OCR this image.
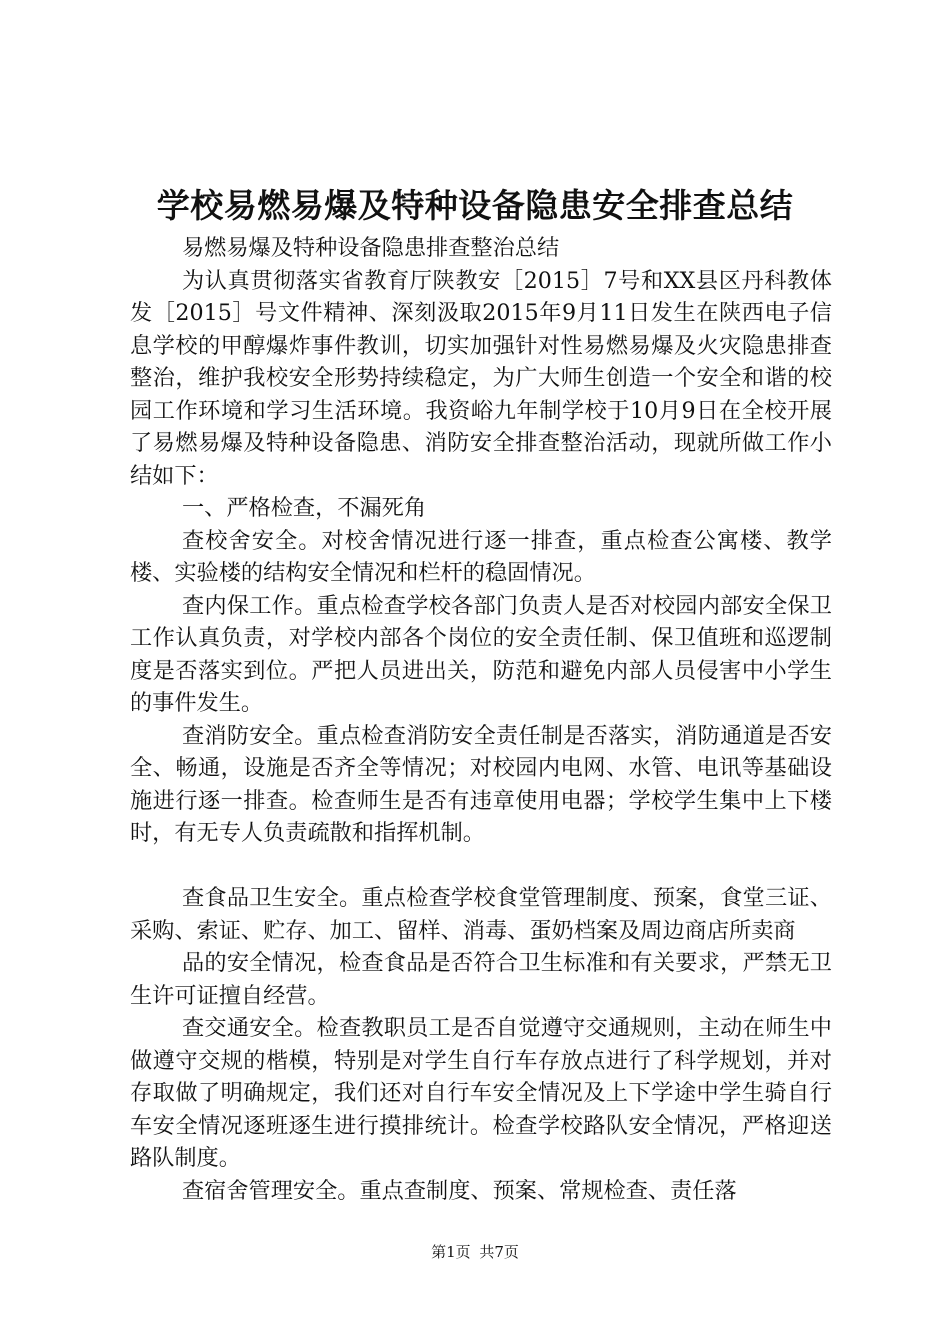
学校易燃易爆及特种设备隐患安全排查总结

易燃易爆及特种设备隐患排查整治总结

为认真贯彻落实省教育厅陕教安［2015］7号和XX县区丹科教体发［2015］号文件精神、深刻汲取2015年9月11日发生在陕西电子信息学校的甲醇爆炸事件教训，切实加强针对性易燃易爆及火灾隐患排查整治，维护我校安全形势持续稳定，为广大师生创造一个安全和谐的校园工作环境和学习生活环境。我资峪九年制学校于10月9日在全校开展了易燃易爆及特种设备隐患、消防安全排查整治活动，现就所做工作小结如下：

一、严格检查，不漏死角

查校舍安全。对校舍情况进行逐一排查，重点检查公寓楼、教学楼、实验楼的结构安全情况和栏杆的稳固情况。

查内保工作。重点检查学校各部门负责人是否对校园内部安全保卫工作认真负责，对学校内部各个岗位的安全责任制、保卫值班和巡逻制度是否落实到位。严把人员进出关，防范和避免内部人员侵害中小学生的事件发生。

查消防安全。重点检查消防安全责任制是否落实，消防通道是否安全、畅通，设施是否齐全等情况；对校园内电网、水管、电讯等基础设施进行逐一排查。检查师生是否有违章使用电器；学校学生集中上下楼时，有无专人负责疏散和指挥机制。

查食品卫生安全。重点检查学校食堂管理制度、预案，食堂三证、采购、索证、贮存、加工、留样、消毒、蛋奶档案及周边商店所卖商

品的安全情况，检查食品是否符合卫生标准和有关要求，严禁无卫生许可证擅自经营。

查交通安全。检查教职员工是否自觉遵守交通规则，主动在师生中做遵守交规的楷模，特别是对学生自行车存放点进行了科学规划，并对存取做了明确规定，我们还对自行车安全情况及上下学途中学生骑自行车安全情况逐班逐生进行摸排统计。检查学校路队安全情况，严格迎送路队制度。

查宿舍管理安全。重点查制度、预案、常规检查、责任落

第1页 共7页
